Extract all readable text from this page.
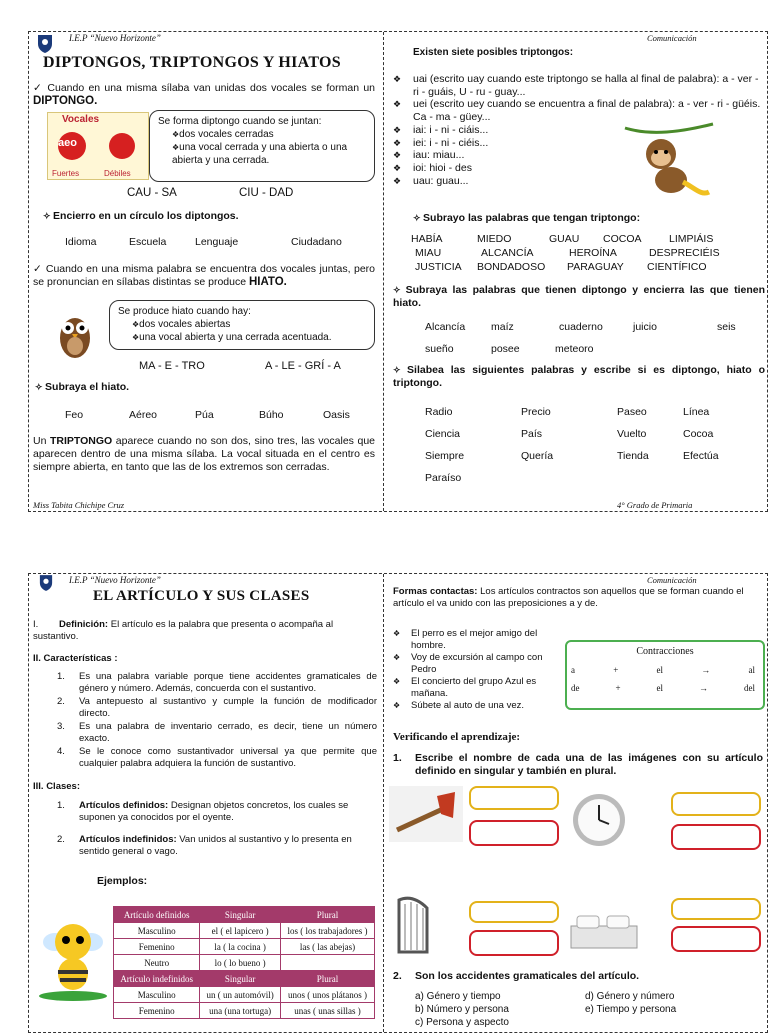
I.E.P “Nuevo Horizonte”
DIPTONGOS, TRIPTONGOS Y HIATOS
✓ Cuando en una misma sílaba van unidas dos vocales se forman un DIPTONGO.
Vocales
aeo
Fuertes	Débiles
Se forma diptongo cuando se juntan:
❖ dos vocales cerradas
❖ una vocal cerrada y una abierta o una abierta y una cerrada.
CAU - SA	CIU - DAD
✧ Encierro en un círculo los diptongos.
Idioma	Escuela	Lenguaje	Ciudadano
✓ Cuando en una misma palabra se encuentra dos vocales juntas, pero se pronuncian en sílabas distintas se produce HIATO.
Se produce hiato cuando hay:
❖ dos vocales abiertas
❖ una vocal abierta y una cerrada acentuada.
MA - E - TRO	A - LE - GRÍ - A
✧ Subraya el hiato.
Feo	Aéreo	Púa	Búho	Oasis
Un TRIPTONGO aparece cuando no son dos, sino tres, las vocales que aparecen dentro de una misma sílaba. La vocal situada en el centro es siempre abierta, en tanto que las de los extremos son cerradas.
Miss Tabita Chichipe Cruz
Comunicación
Existen siete posibles triptongos:
❖	uai (escrito uay cuando este triptongo se halla al final de palabra): a - ver - ri - guáis, U - ru - guay...
❖	uei (escrito uey cuando se encuentra a final de palabra): a - ver - ri - güéis. Ca - ma - güey...
❖	iai: i - ni - ciáis...
❖	iei: i - ni - ciéis...
❖	iau: miau...
❖	ioi: hioi - des
❖	uau: guau...
✧ Subrayo las palabras que tengan triptongo:
HABÍA	MIEDO	GUAU COCOA	LIMPIÁIS
MIAU	ALCANCÍA	HEROÍNA	DESPRECIÉIS
JUSTICIA BONDADOSO PARAGUAY CIENTÍFICO
✧ Subraya las palabras que tienen diptongo y encierra las que tienen hiato.
Alcancía maíz	cuaderno	juicio	seis
sueño	posee	meteoro
✧ Silabea las siguientes palabras y escribe si es diptongo, hiato o triptongo.
Radio	Precio	Paseo	Línea
Ciencia	País	Vuelto	Cocoa
Siempre	Quería	Tienda	Efectúa
Paraíso
4° Grado de Primaria
I.E.P “Nuevo Horizonte”
EL ARTÍCULO Y SUS CLASES
I. Definición: El artículo es la palabra que presenta o acompaña al sustantivo.
II. Características :
1.	Es una palabra variable porque tiene accidentes gramaticales de género y número. Además, concuerda con el sustantivo.
2.	Va antepuesto al sustantivo y cumple la función de modificador directo.
3.	Es una palabra de inventario cerrado, es decir, tiene un número exacto.
4.	Se le conoce como sustantivador universal ya que permite que cualquier palabra adquiera la función de sustantivo.
III. Clases:
1.	Artículos definidos: Designan objetos concretos, los cuales se suponen ya conocidos por el oyente.
2.	Artículos indefinidos: Van unidos al sustantivo y lo presenta en sentido general o vago.
Ejemplos:
Artículo definidos	Singular	Plural
Masculino	el ( el lapicero )	los ( los trabajadores )
Femenino	la ( la cocina )	las ( las abejas)
Neutro	lo ( lo bueno )	
Artículo indefinidos	Singular	Plural
Masculino	un ( un automóvil)	unos ( unos plátanos )
Femenino	una (una tortuga)	unas ( unas sillas )
Comunicación
Formas contactas: Los artículos contractos son aquellos que se forman cuando el artículo el va unido con las preposiciones a y de.
❖	El perro es el mejor amigo del hombre.
❖	Voy de excursión al campo con Pedro
❖	El concierto del grupo Azul es mañana.
❖	Súbete al auto de una vez.
Contracciones
a	+	el	→	al
de	+	el	→	del
Verificando el aprendizaje:
1.	Escribe el nombre de cada una de las imágenes con su artículo definido en singular y también en plural.
2.	Son los accidentes gramaticales del artículo.
a) Género y tiempo	d) Género y número
b) Número y persona	e) Tiempo y persona
c) Persona y aspecto
